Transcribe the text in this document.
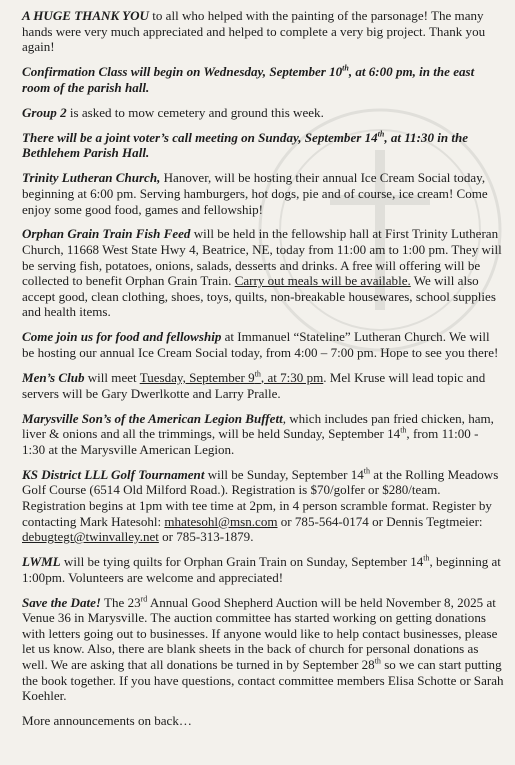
A HUGE THANK YOU to all who helped with the painting of the parsonage! The many hands were very much appreciated and helped to complete a very big project. Thank you again!

Confirmation Class will begin on Wednesday, September 10th, at 6:00 pm, in the east room of the parish hall.

Group 2 is asked to mow cemetery and ground this week.

There will be a joint voter’s call meeting on Sunday, September 14th, at 11:30 in the Bethlehem Parish Hall.

Trinity Lutheran Church, Hanover, will be hosting their annual Ice Cream Social today, beginning at 6:00 pm. Serving hamburgers, hot dogs, pie and of course, ice cream! Come enjoy some good food, games and fellowship!

Orphan Grain Train Fish Feed will be held in the fellowship hall at First Trinity Lutheran Church, 11668 West State Hwy 4, Beatrice, NE, today from 11:00 am to 1:00 pm. They will be serving fish, potatoes, onions, salads, desserts and drinks. A free will offering will be collected to benefit Orphan Grain Train. Carry out meals will be available. We will also accept good, clean clothing, shoes, toys, quilts, non-breakable housewares, school supplies and health items.

Come join us for food and fellowship at Immanuel “Stateline” Lutheran Church. We will be hosting our annual Ice Cream Social today, from 4:00 – 7:00 pm. Hope to see you there!

Men’s Club will meet Tuesday, September 9th, at 7:30 pm. Mel Kruse will lead topic and servers will be Gary Dwerlkotte and Larry Pralle.

Marysville Son’s of the American Legion Buffett, which includes pan fried chicken, ham, liver & onions and all the trimmings, will be held Sunday, September 14th, from 11:00 - 1:30 at the Marysville American Legion.

KS District LLL Golf Tournament will be Sunday, September 14th at the Rolling Meadows Golf Course (6514 Old Milford Road.). Registration is $70/golfer or $280/team. Registration begins at 1pm with tee time at 2pm, in 4 person scramble format. Register by contacting Mark Hatesohl: mhatesohl@msn.com or 785-564-0174 or Dennis Tegtmeier: debugtegt@twinvalley.net or 785-313-1879.

LWML will be tying quilts for Orphan Grain Train on Sunday, September 14th, beginning at 1:00pm. Volunteers are welcome and appreciated!

Save the Date! The 23rd Annual Good Shepherd Auction will be held November 8, 2025 at Venue 36 in Marysville. The auction committee has started working on getting donations with letters going out to businesses. If anyone would like to help contact businesses, please let us know. Also, there are blank sheets in the back of church for personal donations as well. We are asking that all donations be turned in by September 28th so we can start putting the book together. If you have questions, contact committee members Elisa Schotte or Sarah Koehler.

More announcements on back…
